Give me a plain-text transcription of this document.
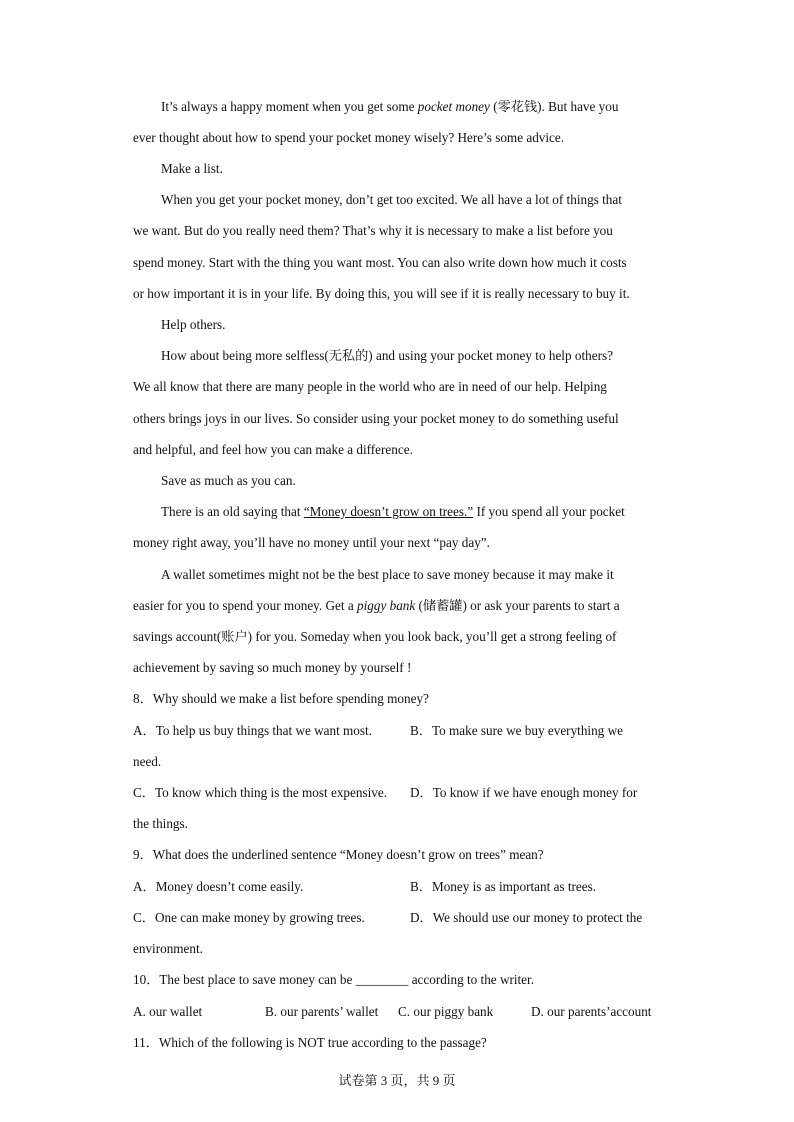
It’s always a happy moment when you get some pocket money (零花钱). But have you
ever thought about how to spend your pocket money wisely? Here’s some advice.
Make a list.
When you get your pocket money, don’t get too excited. We all have a lot of things that
we want. But do you really need them? That’s why it is necessary to make a list before you
spend money. Start with the thing you want most. You can also write down how much it costs
or how important it is in your life. By doing this, you will see if it is really necessary to buy it.
Help others.
How about being more selfless(无私的) and using your pocket money to help others?
We all know that there are many people in the world who are in need of our help. Helping
others brings joys in our lives. So consider using your pocket money to do something useful
and helpful, and feel how you can make a difference.
Save as much as you can.
There is an old saying that “Money doesn’t grow on trees.” If you spend all your pocket
money right away, you’ll have no money until your next “pay day”.
A wallet sometimes might not be the best place to save money because it may make it
easier for you to spend your money. Get a piggy bank (储蓄罐) or ask your parents to start a
savings account(账户) for you. Someday when you look back, you’ll get a strong feeling of
achievement by saving so much money by yourself !
8．Why should we make a list before spending money?
A．To help us buy things that we want most.	B．To make sure we buy everything we
need.
C．To know which thing is the most expensive. D．To know if we have enough money for
the things.
9．What does the underlined sentence “Money doesn’t grow on trees” mean?
A．Money doesn’t come easily.	B．Money is as important as trees.
C．One can make money by growing trees.	D．We should use our money to protect the
environment.
10．The best place to save money can be ________ according to the writer.
A. our wallet	B. our parents’ wallet C. our piggy bank	D. our parents’account
11．Which of the following is NOT true according to the passage?
试卷第 3 页，共 9 页
